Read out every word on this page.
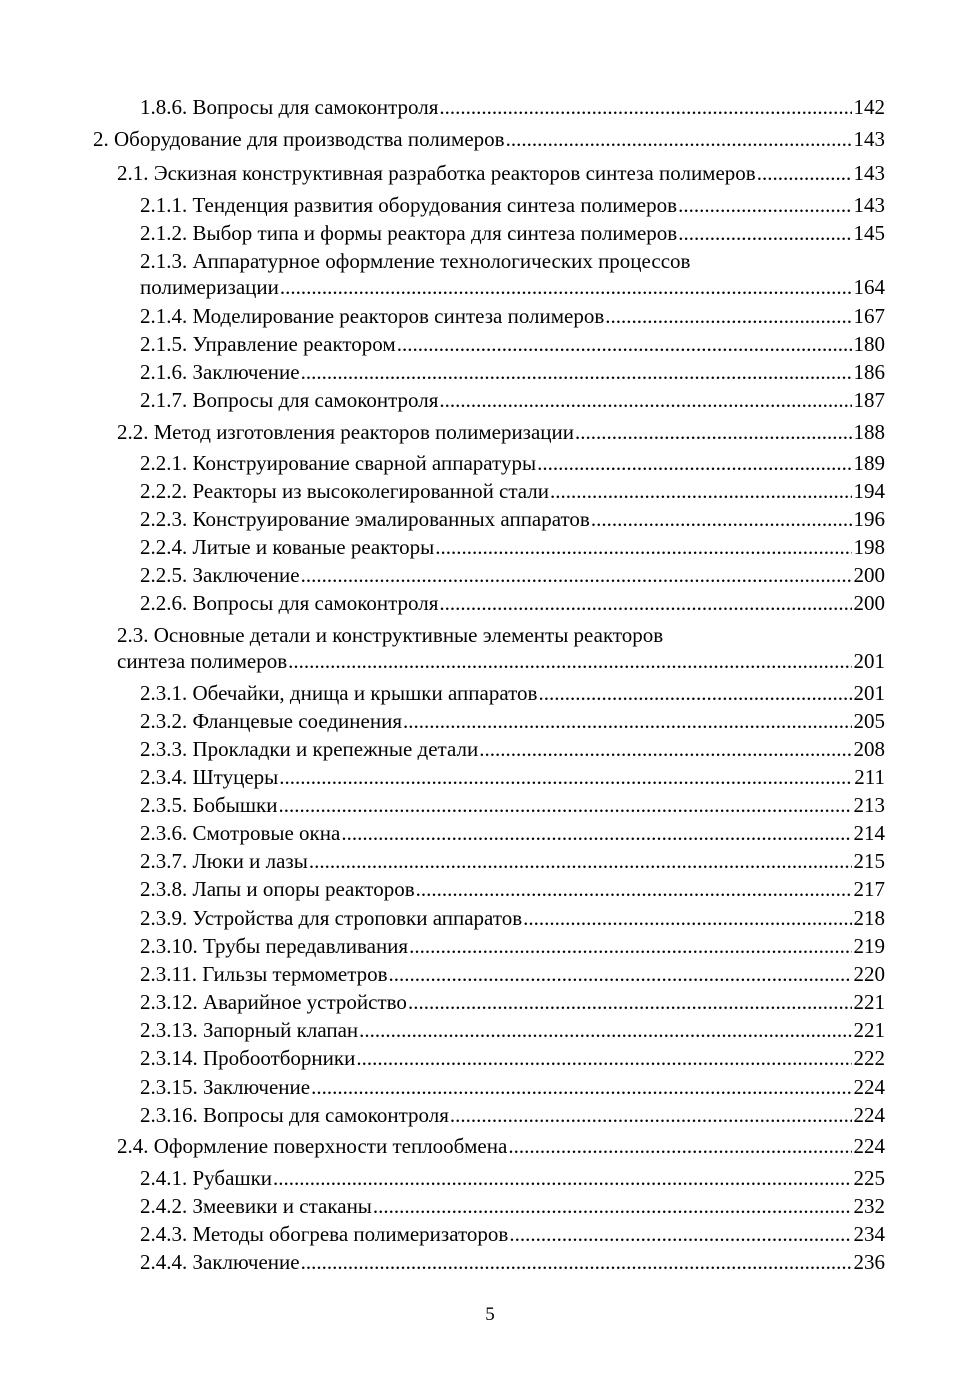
1.8.6. Вопросы для самоконтроля .....	142
2. Оборудование для производства полимеров .....	143
2.1. Эскизная конструктивная разработка реакторов синтеза полимеров .....	143
2.1.1. Тенденция развития оборудования синтеза полимеров .....	143
2.1.2. Выбор типа и формы реактора для синтеза полимеров .....	145
2.1.3. Аппаратурное оформление технологических процессов
полимеризации .....	164
2.1.4. Моделирование реакторов синтеза полимеров .....	167
2.1.5. Управление реактором .....	180
2.1.6. Заключение .....	186
2.1.7. Вопросы для самоконтроля .....	187
2.2. Метод изготовления реакторов полимеризации .....	188
2.2.1. Конструирование сварной аппаратуры .....	189
2.2.2. Реакторы из высоколегированной стали .....	194
2.2.3. Конструирование эмалированных аппаратов .....	196
2.2.4. Литые и кованые реакторы .....	198
2.2.5. Заключение .....	200
2.2.6. Вопросы для самоконтроля .....	200
2.3. Основные детали и конструктивные элементы реакторов
синтеза полимеров .....	201
2.3.1. Обечайки, днища и крышки аппаратов .....	201
2.3.2. Фланцевые соединения .....	205
2.3.3. Прокладки и крепежные детали .....	208
2.3.4. Штуцеры .....	211
2.3.5. Бобышки .....	213
2.3.6. Смотровые окна .....	214
2.3.7. Люки и лазы .....	215
2.3.8. Лапы и опоры реакторов .....	217
2.3.9. Устройства для строповки аппаратов .....	218
2.3.10. Трубы передавливания .....	219
2.3.11. Гильзы термометров .....	220
2.3.12. Аварийное устройство .....	221
2.3.13. Запорный клапан .....	221
2.3.14. Пробоотборники .....	222
2.3.15. Заключение .....	224
2.3.16. Вопросы для самоконтроля .....	224
2.4. Оформление поверхности теплообмена .....	224
2.4.1. Рубашки .....	225
2.4.2. Змеевики и стаканы .....	232
2.4.3. Методы обогрева полимеризаторов .....	234
2.4.4. Заключение .....	236
5
